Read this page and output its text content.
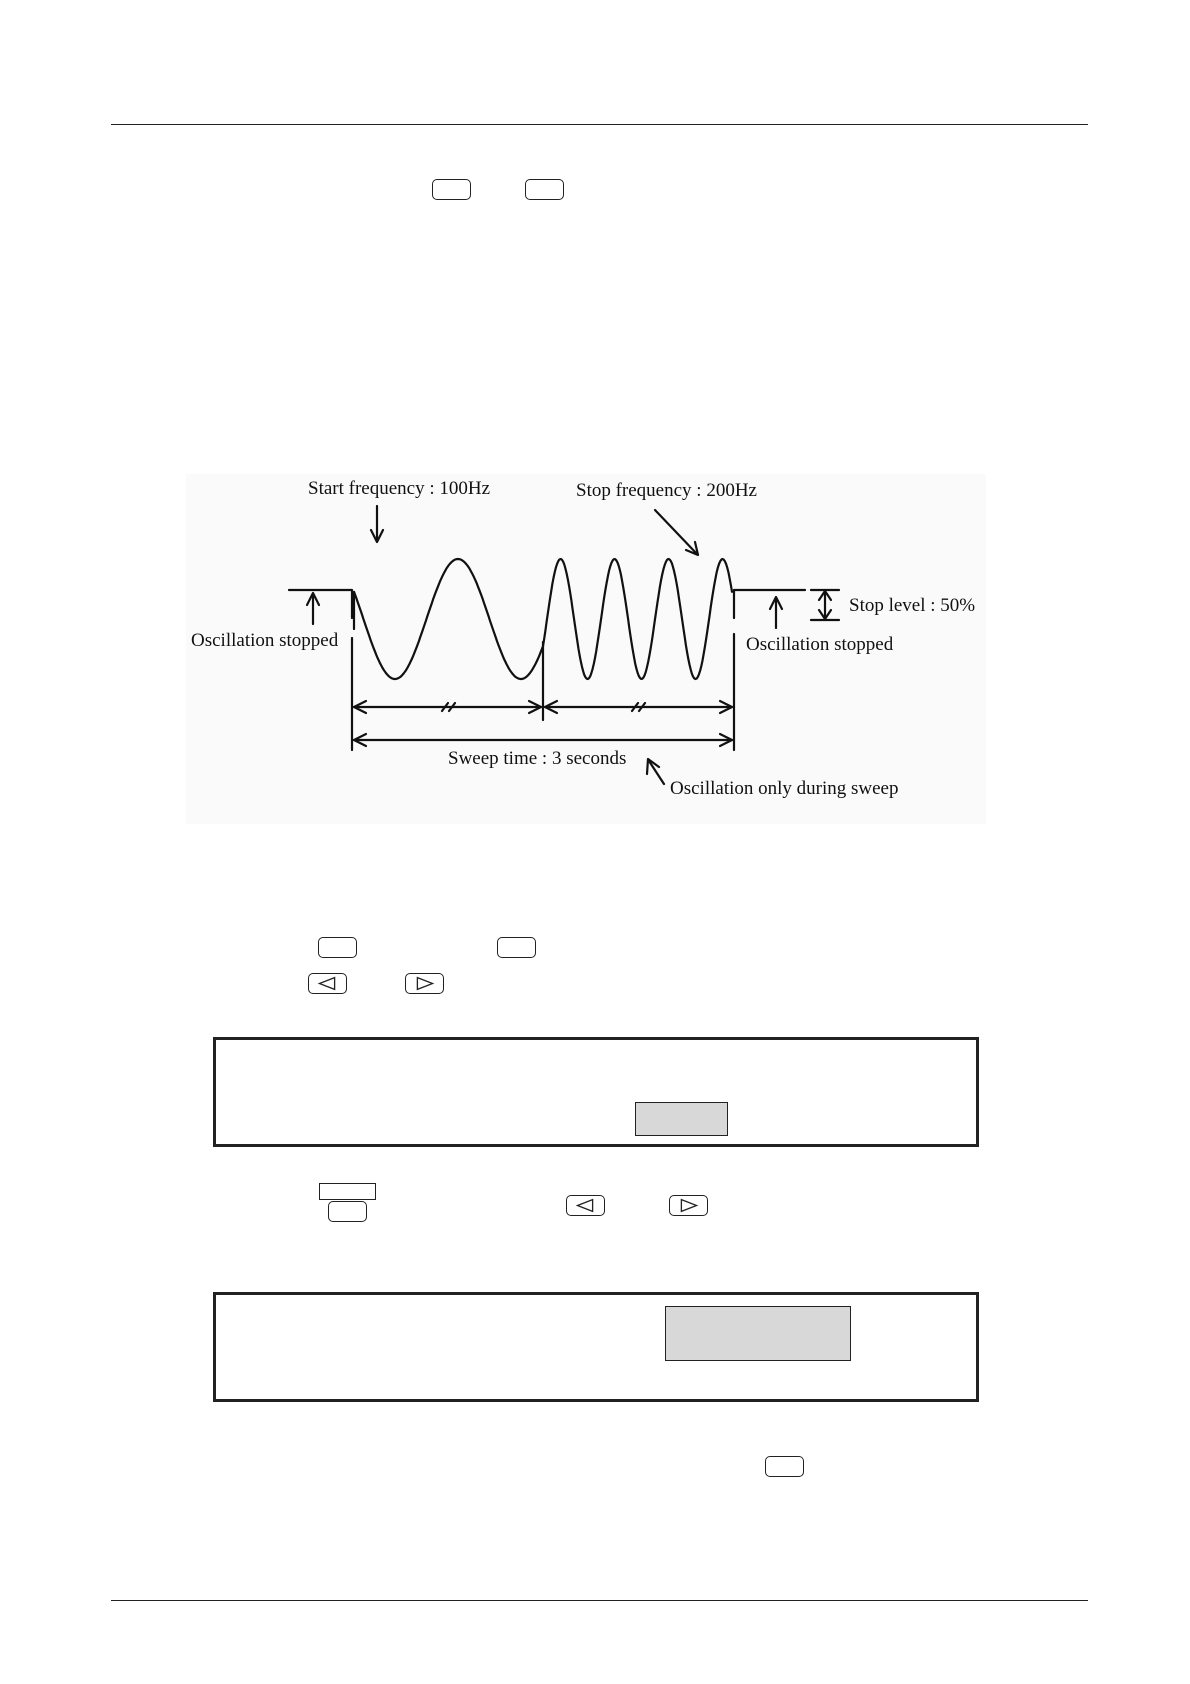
Start frequency : 100Hz	Stop frequency : 200Hz
Stop level : 50%
Oscillation stopped	Oscillation stopped
Sweep time : 3 seconds
Oscillation only during sweep
